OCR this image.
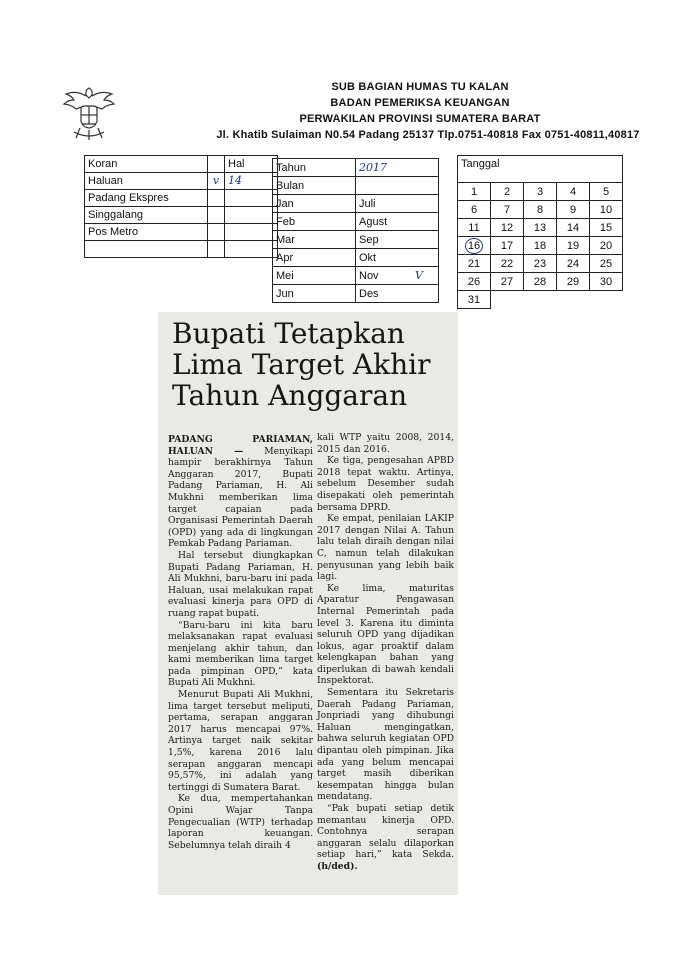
SUB BAGIAN HUMAS TU KALAN
BADAN PEMERIKSA KEUANGAN
PERWAKILAN PROVINSI SUMATERA BARAT
Jl. Khatib Sulaiman N0.54 Padang 25137 Tlp.0751-40818 Fax 0751-40811,40817
Koran		Hal
Haluan	v	14
Padang Ekspres		
Singgalang		
Pos Metro		

Tahun	2017
Bulan	
Jan	Juli
Feb	Agust
Mar	Sep
Apr	Okt
Mei	Nov V

Jun	Des
Tanggal				
1	2	3	4	5
6	7	8	9	10
11	12	13	14	15
16	17	18	19	20
21	22	23	24	25
26	27	28	29	30
31				
Bupati Tetapkan
Lima Target Akhir
Tahun Anggaran

PADANG PARIAMAN, HALUAN — Menyikapi hampir berakhirnya Tahun Anggaran 2017, Bupati Padang Pariaman, H. Ali Mukhni memberikan lima target capaian pada Organisasi Pemerintah Daerah (OPD) yang ada di lingkungan Pemkab Padang Pariaman.

Hal tersebut diungkapkan Bupati Padang Pariaman, H. Ali Mukhni, baru-baru ini pada Haluan, usai melakukan rapat evaluasi kinerja para OPD di ruang rapat bupati.

“Baru-baru ini kita baru melaksanakan rapat evaluasi menjelang akhir tahun, dan kami memberikan lima target pada pimpinan OPD,” kata Bupati Ali Mukhni.

Menurut Bupati Ali Mukhni, lima target tersebut meliputi, pertama, serapan anggaran 2017 harus mencapai 97%. Artinya target naik sekitar 1,5%, karena 2016 lalu serapan anggaran mencapi 95,57%, ini adalah yang tertinggi di Sumatera Barat.

Ke dua, mempertahankan Opini Wajar Tanpa Pengecualian (WTP) terhadap laporan keuangan. Sebelumnya telah diraih 4

kali WTP yaitu 2008, 2014, 2015 dan 2016.

Ke tiga, pengesahan APBD 2018 tepat waktu. Artinya, sebelum Desember sudah disepakati oleh pemerintah bersama DPRD.

Ke empat, penilaian LAKIP 2017 dengan Nilai A. Tahun lalu telah diraih dengan nilai C, namun telah dilakukan penyusunan yang lebih baik lagi.

Ke lima, maturitas Aparatur Pengawasan Internal Pemerintah pada level 3. Karena itu diminta seluruh OPD yang dijadikan lokus, agar proaktif dalam kelengkapan bahan yang diperlukan di bawah kendali Inspektorat.

Sementara itu Sekretaris Daerah Padang Pariaman, Jonpriadi yang dihubungi Haluan mengingatkan, bahwa seluruh kegiatan OPD dipantau oleh pimpinan. Jika ada yang belum mencapai target masih diberikan kesempatan hingga bulan mendatang.

“Pak bupati setiap detik memantau kinerja OPD. Contohnya serapan anggaran selalu dilaporkan setiap hari,” kata Sekda. (h/ded).
